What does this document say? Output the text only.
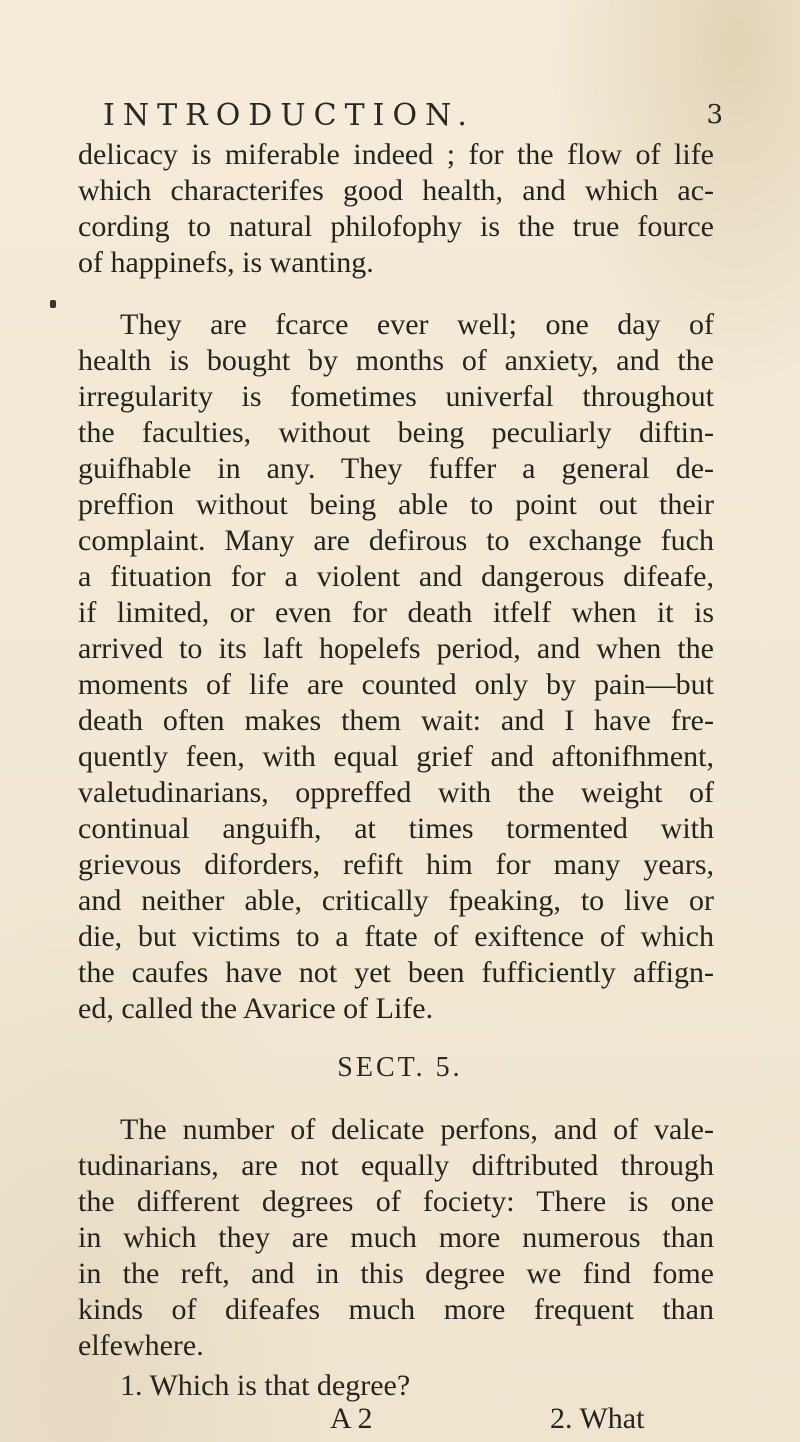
INTRODUCTION.	3
delicacy is miferable indeed ; for the flow of life
which characterifes good health, and which ac-
cording to natural philofophy is the true fource
of happinefs, is wanting.
They are fcarce ever well; one day of
health is bought by months of anxiety, and the
irregularity is fometimes univerfal throughout
the faculties, without being peculiarly diftin-
guifhable in any. They fuffer a general de-
preffion without being able to point out their
complaint. Many are defirous to exchange fuch
a fituation for a violent and dangerous difeafe,
if limited, or even for death itfelf when it is
arrived to its laft hopelefs period, and when the
moments of life are counted only by pain—but
death often makes them wait: and I have fre-
quently feen, with equal grief and aftonifhment,
valetudinarians, oppreffed with the weight of
continual anguifh, at times tormented with
grievous diforders, refift him for many years,
and neither able, critically fpeaking, to live or
die, but victims to a ftate of exiftence of which
the caufes have not yet been fufficiently affign-
ed, called the Avarice of Life.
SECT. 5.
The number of delicate perfons, and of vale-
tudinarians, are not equally diftributed through
the different degrees of fociety: There is one
in which they are much more numerous than
in the reft, and in this degree we find fome
kinds of difeafes much more frequent than
elfewhere.
1. Which is that degree?
A 2	2. What
